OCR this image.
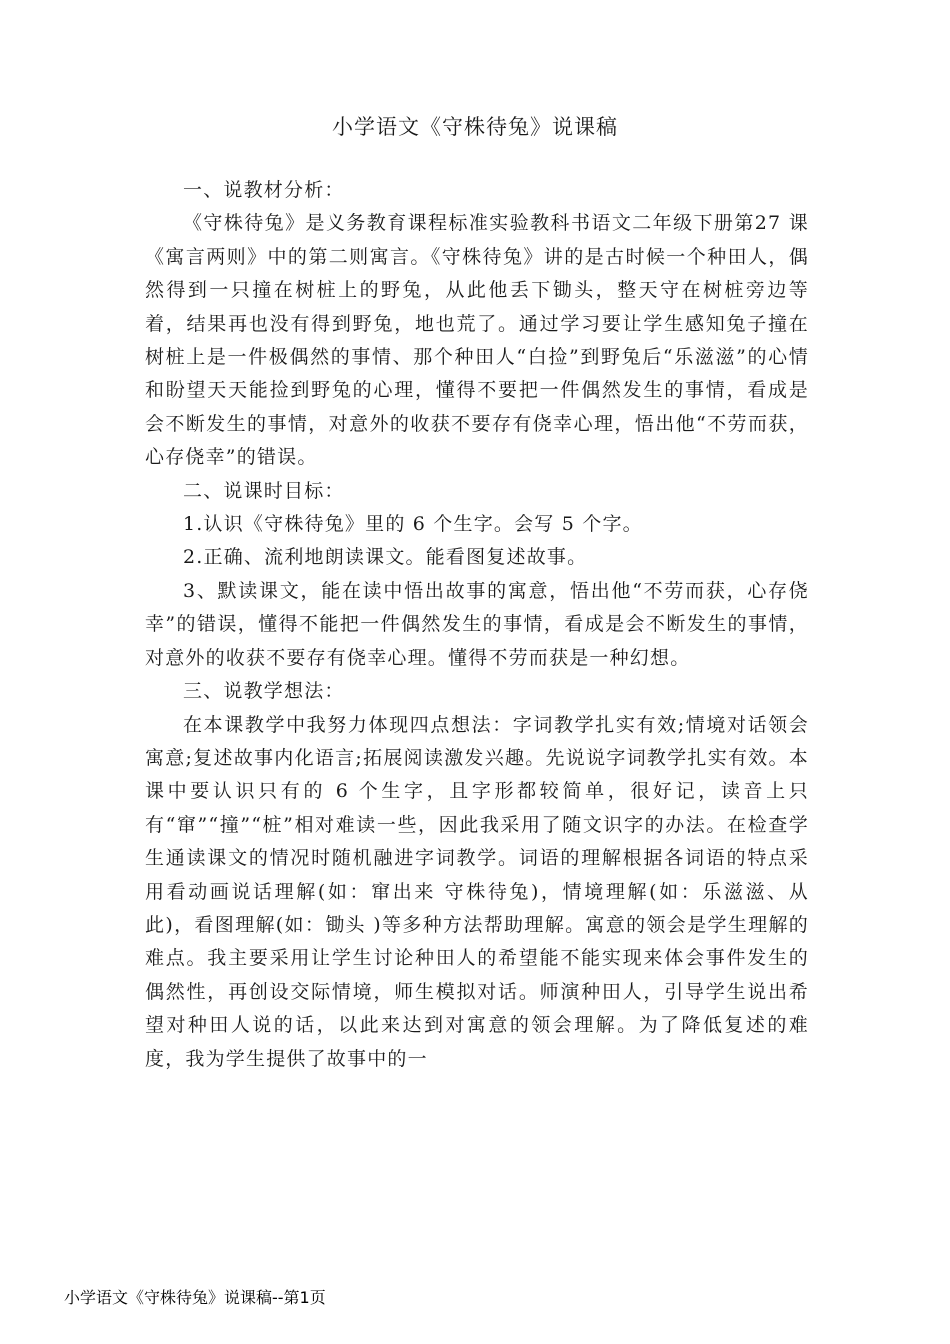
小学语文《守株待兔》说课稿

一、说教材分析：

《守株待兔》是义务教育课程标准实验教科书语文二年级下册第27 课《寓言两则》中的第二则寓言。《守株待兔》讲的是古时候一个种田人，偶然得到一只撞在树桩上的野兔，从此他丢下锄头，整天守在树桩旁边等着，结果再也没有得到野兔，地也荒了。通过学习要让学生感知兔子撞在树桩上是一件极偶然的事情、那个种田人“白捡”到野兔后“乐滋滋”的心情和盼望天天能捡到野兔的心理，懂得不要把一件偶然发生的事情，看成是会不断发生的事情，对意外的收获不要存有侥幸心理，悟出他“不劳而获，心存侥幸”的错误。

二、说课时目标：

1.认识《守株待兔》里的 6 个生字。会写 5 个字。

2.正确、流利地朗读课文。能看图复述故事。

3、默读课文，能在读中悟出故事的寓意，悟出他“不劳而获，心存侥幸”的错误，懂得不能把一件偶然发生的事情，看成是会不断发生的事情，对意外的收获不要存有侥幸心理。懂得不劳而获是一种幻想。

三、说教学想法：

在本课教学中我努力体现四点想法：字词教学扎实有效;情境对话领会寓意;复述故事内化语言;拓展阅读激发兴趣。先说说字词教学扎实有效。本课中要认识只有的 6 个生字，且字形都较简单，很好记，读音上只有“窜”“撞”“桩”相对难读一些，因此我采用了随文识字的办法。在检查学生通读课文的情况时随机融进字词教学。词语的理解根据各词语的特点采用看动画说话理解(如：窜出来 守株待兔)，情境理解(如：乐滋滋、从此)，看图理解(如：锄头 )等多种方法帮助理解。寓意的领会是学生理解的难点。我主要采用让学生讨论种田人的希望能不能实现来体会事件发生的偶然性，再创设交际情境，师生模拟对话。师演种田人，引导学生说出希望对种田人说的话，以此来达到对寓意的领会理解。为了降低复述的难度，我为学生提供了故事中的一

小学语文《守株待兔》说课稿--第1页
